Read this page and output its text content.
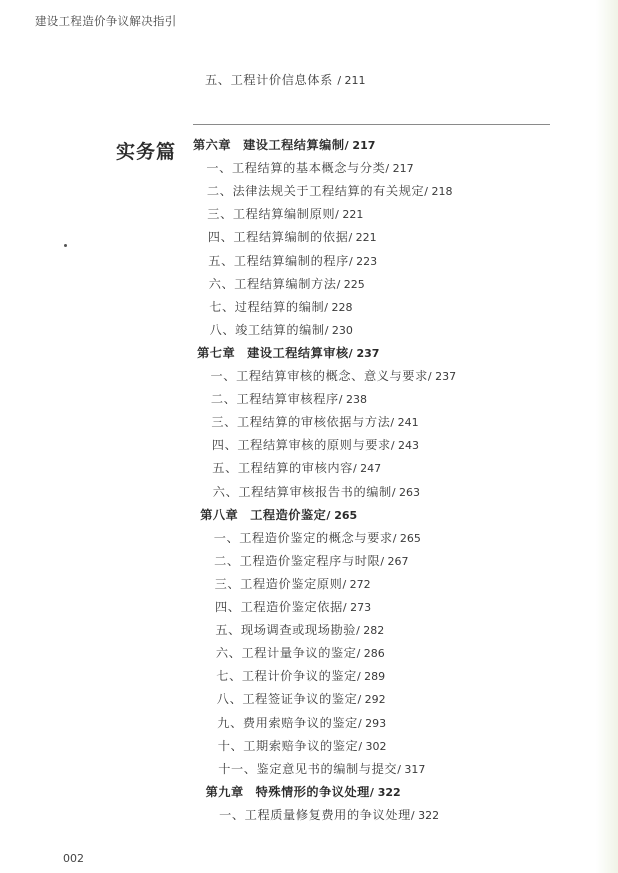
建设工程造价争议解决指引
五、工程计价信息体系 / 211
实务篇 第六章 建设工程结算编制/ 217
一、工程结算的基本概念与分类/ 217
二、法律法规关于工程结算的有关规定/ 218
三、工程结算编制原则/ 221
四、工程结算编制的依据/ 221
五、工程结算编制的程序/ 223
六、工程结算编制方法/ 225
七、过程结算的编制/ 228
八、竣工结算的编制/ 230
第七章 建设工程结算审核/ 237
一、工程结算审核的概念、意义与要求/ 237
二、工程结算审核程序/ 238
三、工程结算的审核依据与方法/ 241
四、工程结算审核的原则与要求/ 243
五、工程结算的审核内容/ 247
六、工程结算审核报告书的编制/ 263
第八章 工程造价鉴定/ 265
一、工程造价鉴定的概念与要求/ 265
二、工程造价鉴定程序与时限/ 267
三、工程造价鉴定原则/ 272
四、工程造价鉴定依据/ 273
五、现场调查或现场勘验/ 282
六、工程计量争议的鉴定/ 286
七、工程计价争议的鉴定/ 289
八、工程签证争议的鉴定/ 292
九、费用索赔争议的鉴定/ 293
十、工期索赔争议的鉴定/ 302
十一、鉴定意见书的编制与提交/ 317
第九章 特殊情形的争议处理/ 322
一、工程质量修复费用的争议处理/ 322
002
